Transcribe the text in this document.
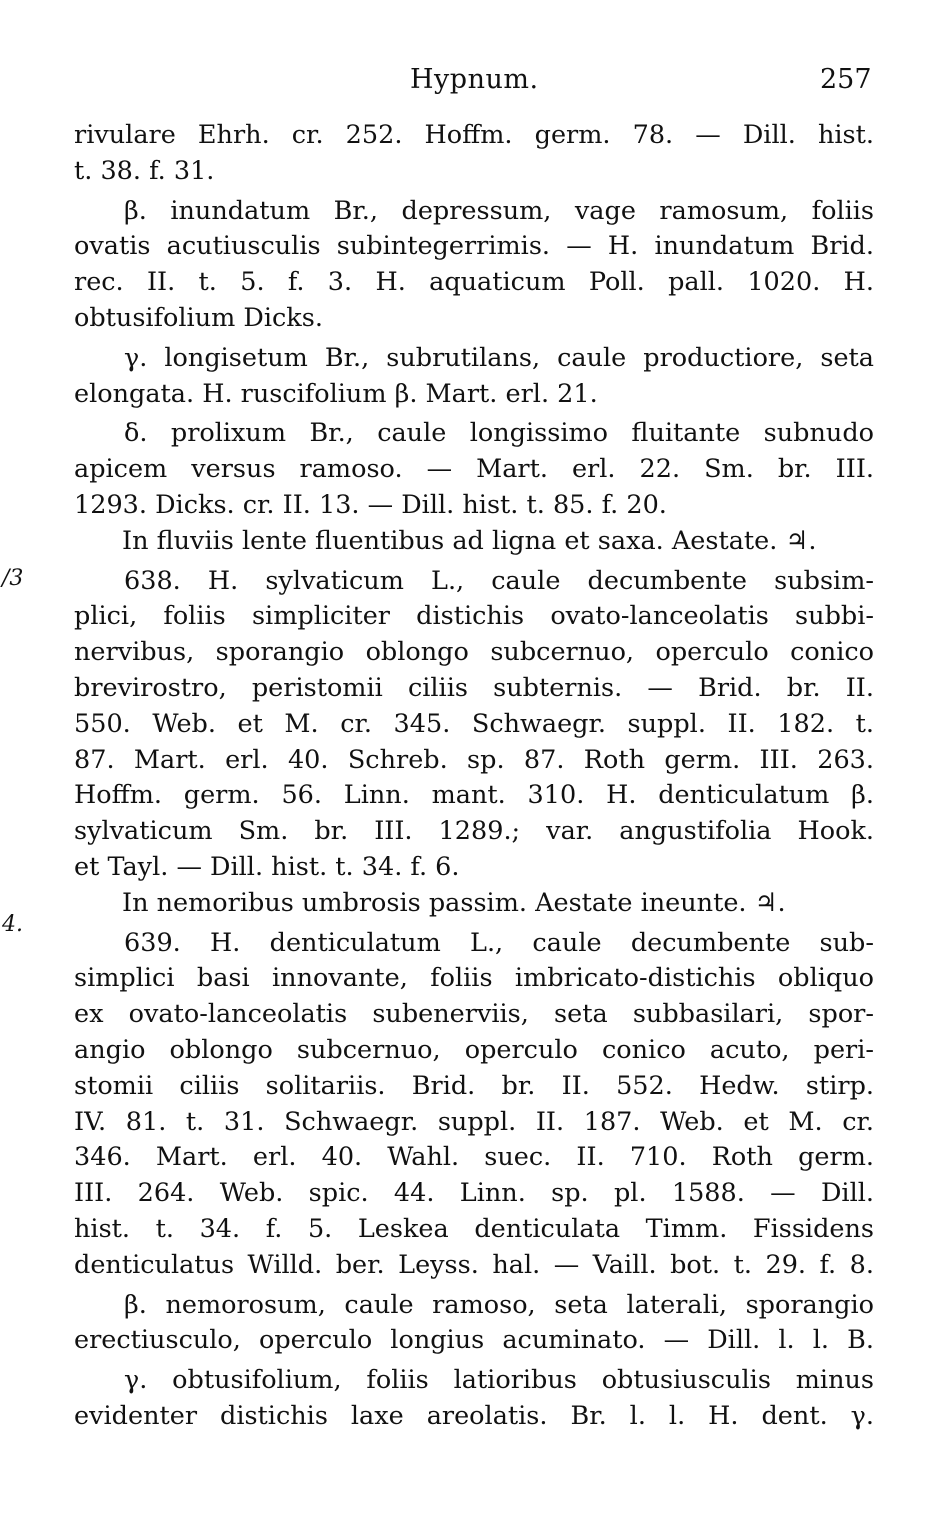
Hypnum.	257
/3
4.
rivulare Ehrh. cr. 252. Hoffm. germ. 78. — Dill. hist.
t. 38. f. 31.
β. inundatum Br., depressum, vage ramosum, foliis
ovatis acutiusculis subintegerrimis. — H. inundatum Brid.
rec. II. t. 5. f. 3. H. aquaticum Poll. pall. 1020. H.
obtusifolium Dicks.
γ. longisetum Br., subrutilans, caule productiore, seta
elongata. H. ruscifolium β. Mart. erl. 21.
δ. prolixum Br., caule longissimo fluitante subnudo
apicem versus ramoso. — Mart. erl. 22. Sm. br. III.
1293. Dicks. cr. II. 13. — Dill. hist. t. 85. f. 20.
In fluviis lente fluentibus ad ligna et saxa. Aestate. ♃.
638. H. sylvaticum L., caule decumbente subsim-
plici, foliis simpliciter distichis ovato-lanceolatis subbi-
nervibus, sporangio oblongo subcernuo, operculo conico
brevirostro, peristomii ciliis subternis. — Brid. br. II.
550. Web. et M. cr. 345. Schwaegr. suppl. II. 182. t.
87. Mart. erl. 40. Schreb. sp. 87. Roth germ. III. 263.
Hoffm. germ. 56. Linn. mant. 310. H. denticulatum β.
sylvaticum Sm. br. III. 1289.; var. angustifolia Hook.
et Tayl. — Dill. hist. t. 34. f. 6.
In nemoribus umbrosis passim. Aestate ineunte. ♃.
639. H. denticulatum L., caule decumbente sub-
simplici basi innovante, foliis imbricato-distichis obliquo
ex ovato-lanceolatis subenerviis, seta subbasilari, spor-
angio oblongo subcernuo, operculo conico acuto, peri-
stomii ciliis solitariis. Brid. br. II. 552. Hedw. stirp.
IV. 81. t. 31. Schwaegr. suppl. II. 187. Web. et M. cr.
346. Mart. erl. 40. Wahl. suec. II. 710. Roth germ.
III. 264. Web. spic. 44. Linn. sp. pl. 1588. — Dill.
hist. t. 34. f. 5. Leskea denticulata Timm. Fissidens
denticulatus Willd. ber. Leyss. hal. — Vaill. bot. t. 29. f. 8.
β. nemorosum, caule ramoso, seta laterali, sporangio
erectiusculo, operculo longius acuminato. — Dill. l. l. B.
γ. obtusifolium, foliis latioribus obtusiusculis minus
evidenter distichis laxe areolatis. Br. l. l. H. dent. γ.
